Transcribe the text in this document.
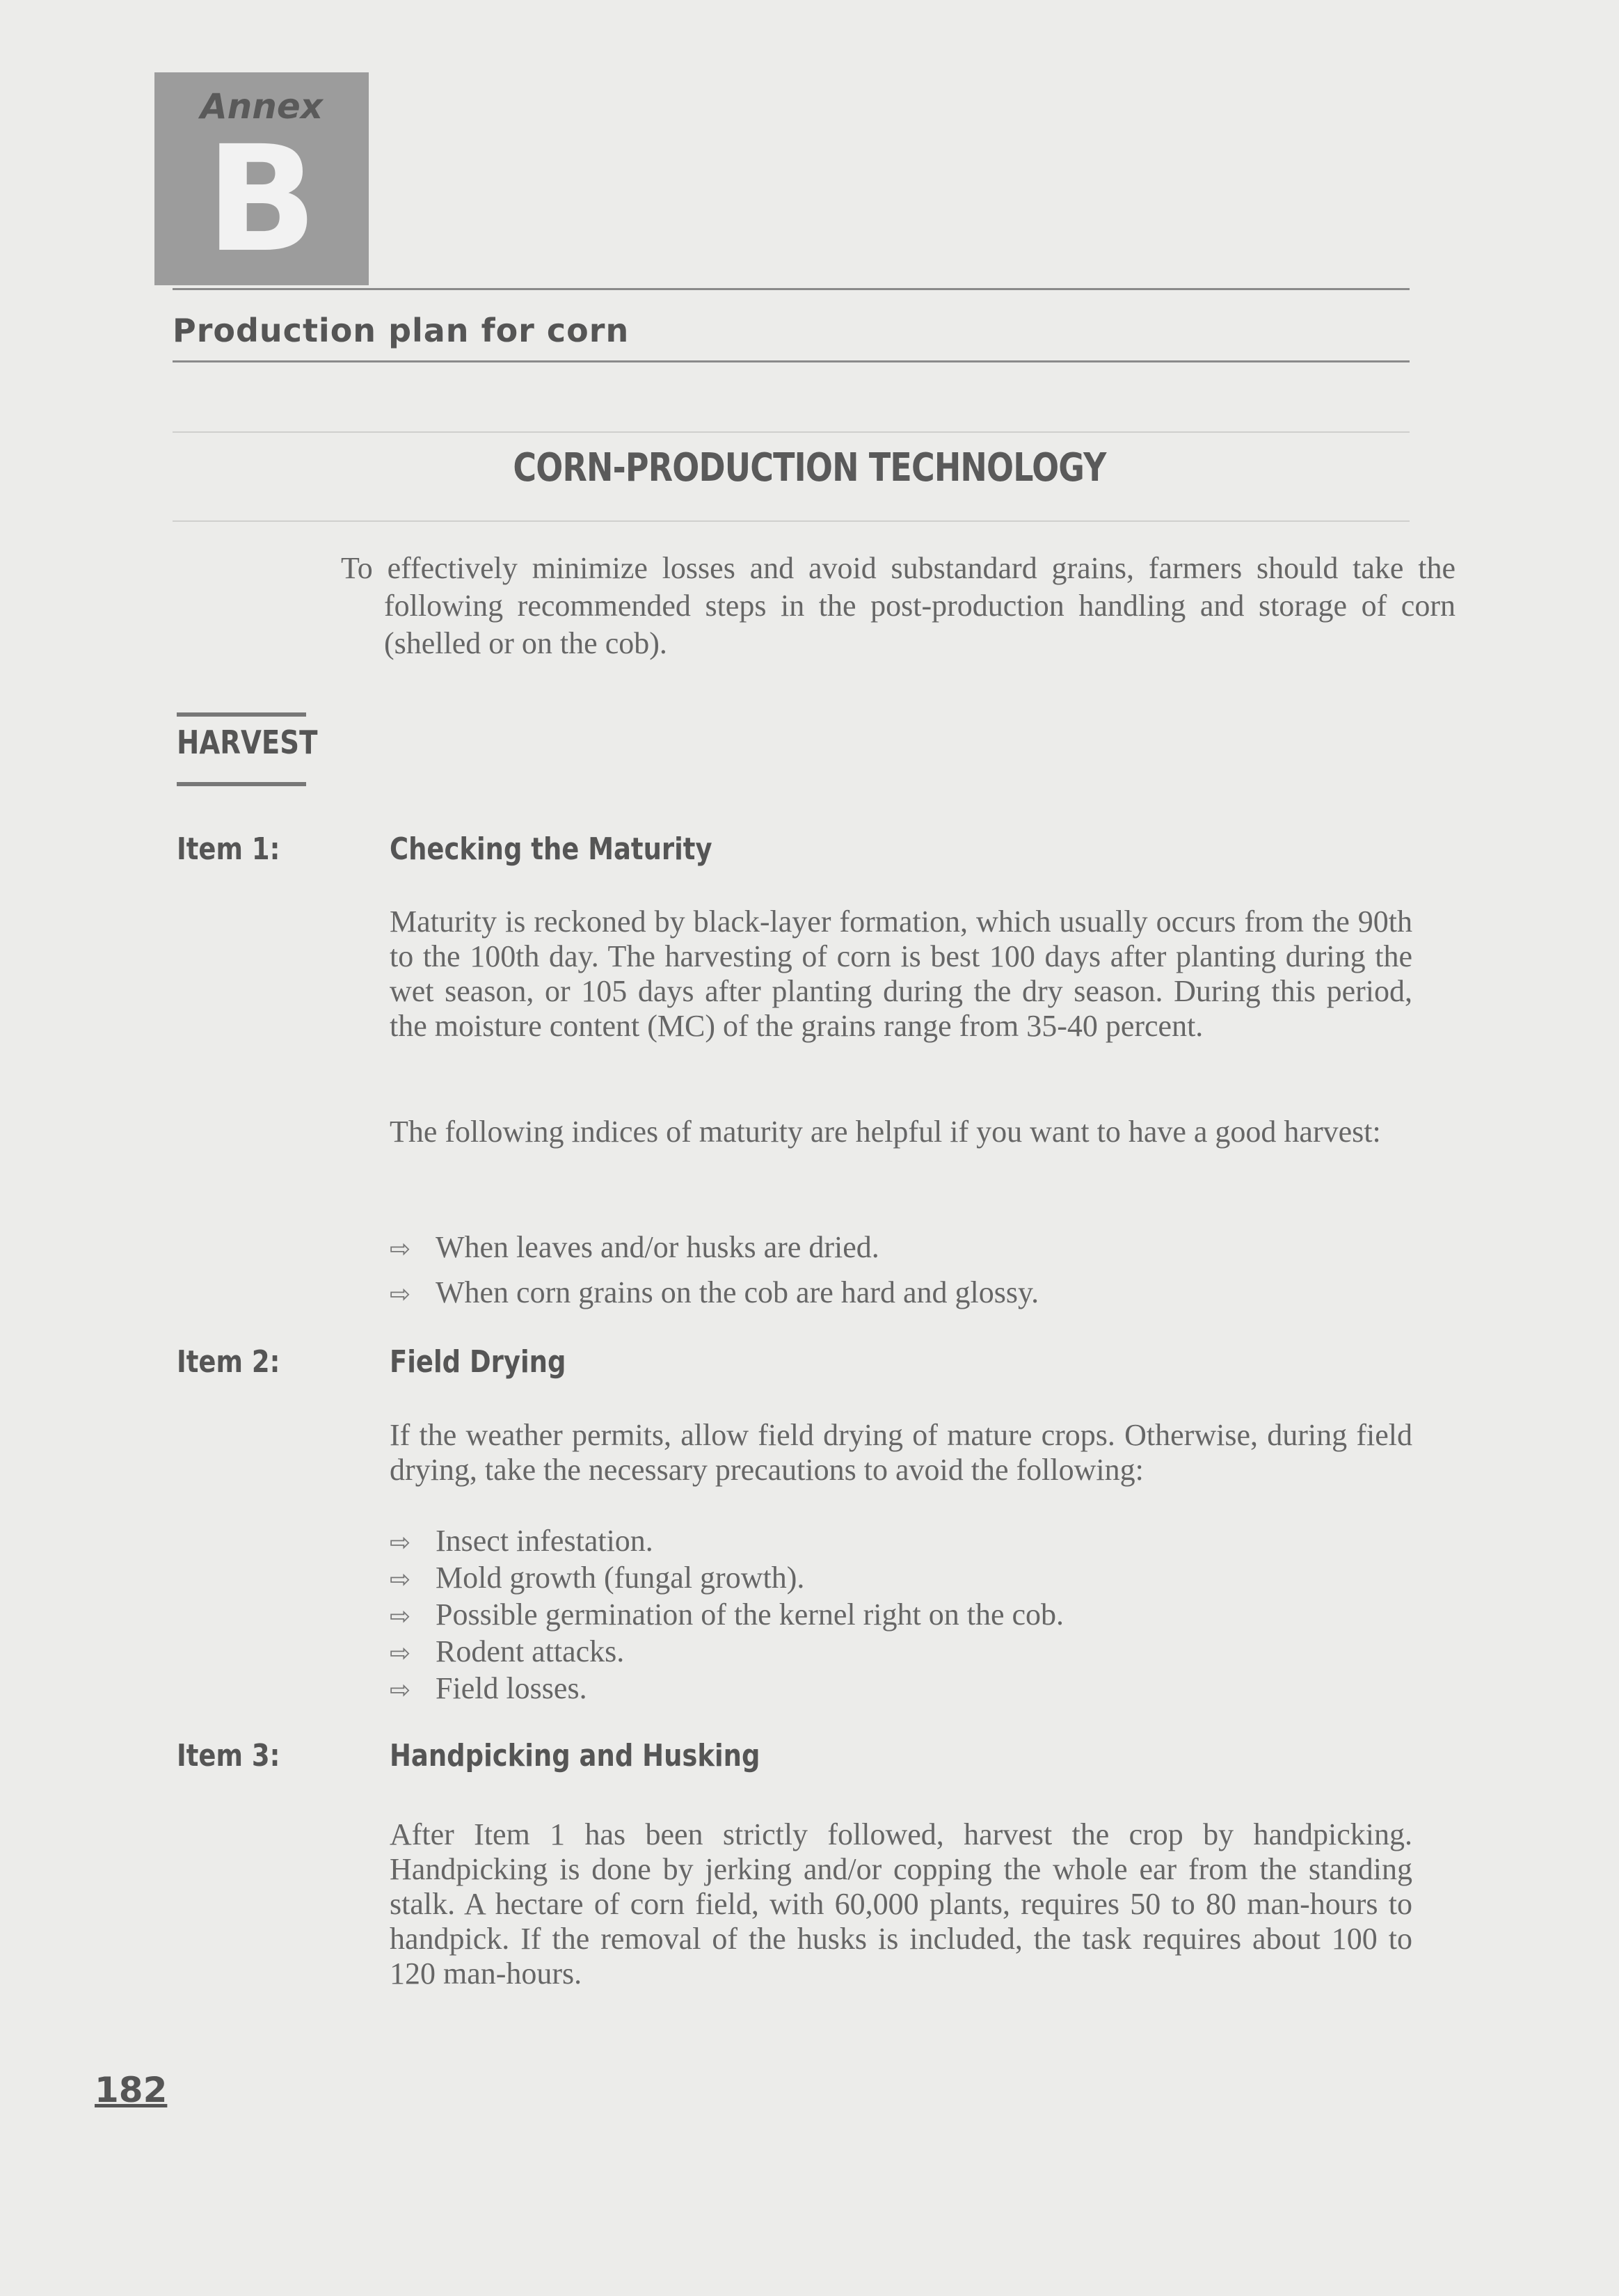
Annex
B
Production plan for corn
CORN-PRODUCTION TECHNOLOGY
To effectively minimize losses and avoid substandard grains, farmers should take the following recommended steps in the post-production handling and storage of corn (shelled or on the cob).
HARVEST
Item 1:	Checking the Maturity
Maturity is reckoned by black-layer formation, which usually occurs from the 90th to the 100th day. The harvesting of corn is best 100 days after planting during the wet season, or 105 days after planting during the dry season. During this period, the moisture content (MC) of the grains range from 35-40 percent.
The following indices of maturity are helpful if you want to have a good harvest:
⇨ When leaves and/or husks are dried.
⇨ When corn grains on the cob are hard and glossy.
Item 2:	Field Drying
If the weather permits, allow field drying of mature crops. Otherwise, during field drying, take the necessary precautions to avoid the following:
⇨ Insect infestation.
⇨ Mold growth (fungal growth).
⇨ Possible germination of the kernel right on the cob.
⇨ Rodent attacks.
⇨ Field losses.
Item 3:	Handpicking and Husking
After Item 1 has been strictly followed, harvest the crop by handpicking. Handpicking is done by jerking and/or copping the whole ear from the standing stalk. A hectare of corn field, with 60,000 plants, requires 50 to 80 man-hours to handpick. If the removal of the husks is included, the task requires about 100 to 120 man-hours.
182
